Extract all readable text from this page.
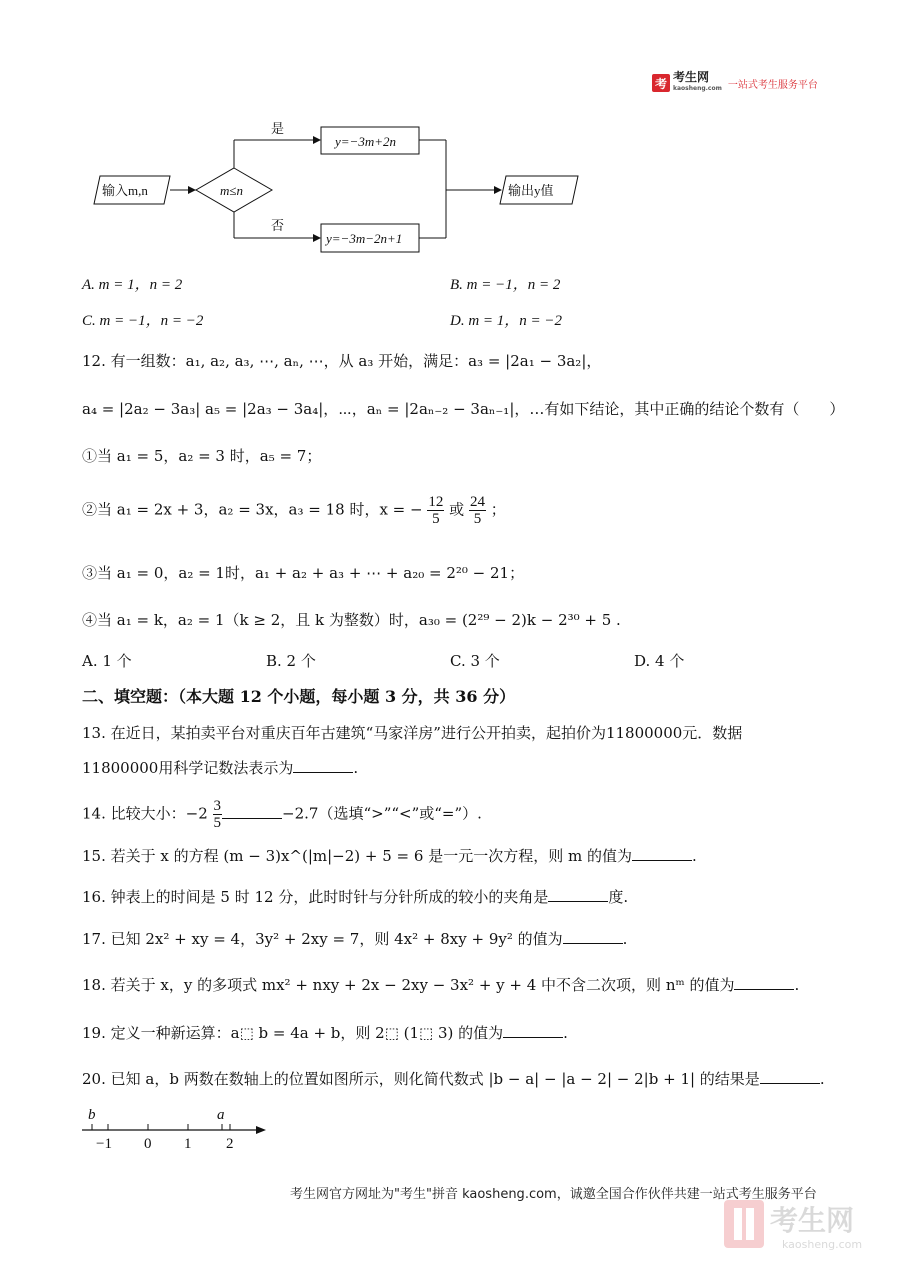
考 考生网
kaosheng.com 一站式考生服务平台
输入m,n	m≤n
是
否
y=−3m+2n
y=−3m−2n+1
输出y值
A. m = 1，n = 2	B. m = −1，n = 2
C. m = −1，n = −2	D. m = 1，n = −2
12. 有一组数：a₁, a₂, a₃, ⋯, aₙ, ⋯，从 a₃ 开始，满足：a₃ = |2a₁ − 3a₂|，
a₄ = |2a₂ − 3a₃| a₅ = |2a₃ − 3a₄|，⋯，aₙ = |2aₙ₋₂ − 3aₙ₋₁|，…有如下结论，其中正确的结论个数有（　　）
①当 a₁ = 5，a₂ = 3 时，a₅ = 7；
②当 a₁ = 2x + 3，a₂ = 3x，a₃ = 18 时，x = − $\frac{12}{5}$ 或 $\frac{24}{5}$ ；
③当 a₁ = 0，a₂ = 1时，a₁ + a₂ + a₃ + ⋯ + a₂₀ = 2²⁰ − 21；
④当 a₁ = k，a₂ = 1（k ≥ 2，且 k 为整数）时，a₃₀ = (2²⁹ − 2)k − 2³⁰ + 5 .
A. 1 个	B. 2 个	C. 3 个	D. 4 个
二、填空题：（本大题 12 个小题，每小题 3 分，共 36 分）
13. 在近日，某拍卖平台对重庆百年古建筑“马家洋房”进行公开拍卖，起拍价为11800000元．数据
11800000用科学记数法表示为	.
14. 比较大小：$-2 \frac{3}{5}$	−2.7（选填“>”“<”或“=”）.
15. 若关于 x 的方程 (m − 3)x^(|m|−2) + 5 = 6 是一元一次方程，则 m 的值为	.
16. 钟表上的时间是 5 时 12 分，此时时针与分针所成的较小的夹角是	度.
17. 已知 2x² + xy = 4，3y² + 2xy = 7，则 4x² + 8xy + 9y² 的值为	.
18. 若关于 x，y 的多项式 mx² + nxy + 2x − 2xy − 3x² + y + 4 中不含二次项，则 nᵐ 的值为	.
19. 定义一种新运算：a⬚ b = 4a + b，则 2⬚ (1⬚ 3) 的值为	.
20. 已知 a，b 两数在数轴上的位置如图所示，则化简代数式 |b − a| − |a − 2| − 2|b + 1| 的结果是	.
b	a
−1 0 1 2
考生网官方网址为"考生"拼音 kaosheng.com，诚邀全国合作伙伴共建一站式考生服务平台
考生网
kaosheng.com
